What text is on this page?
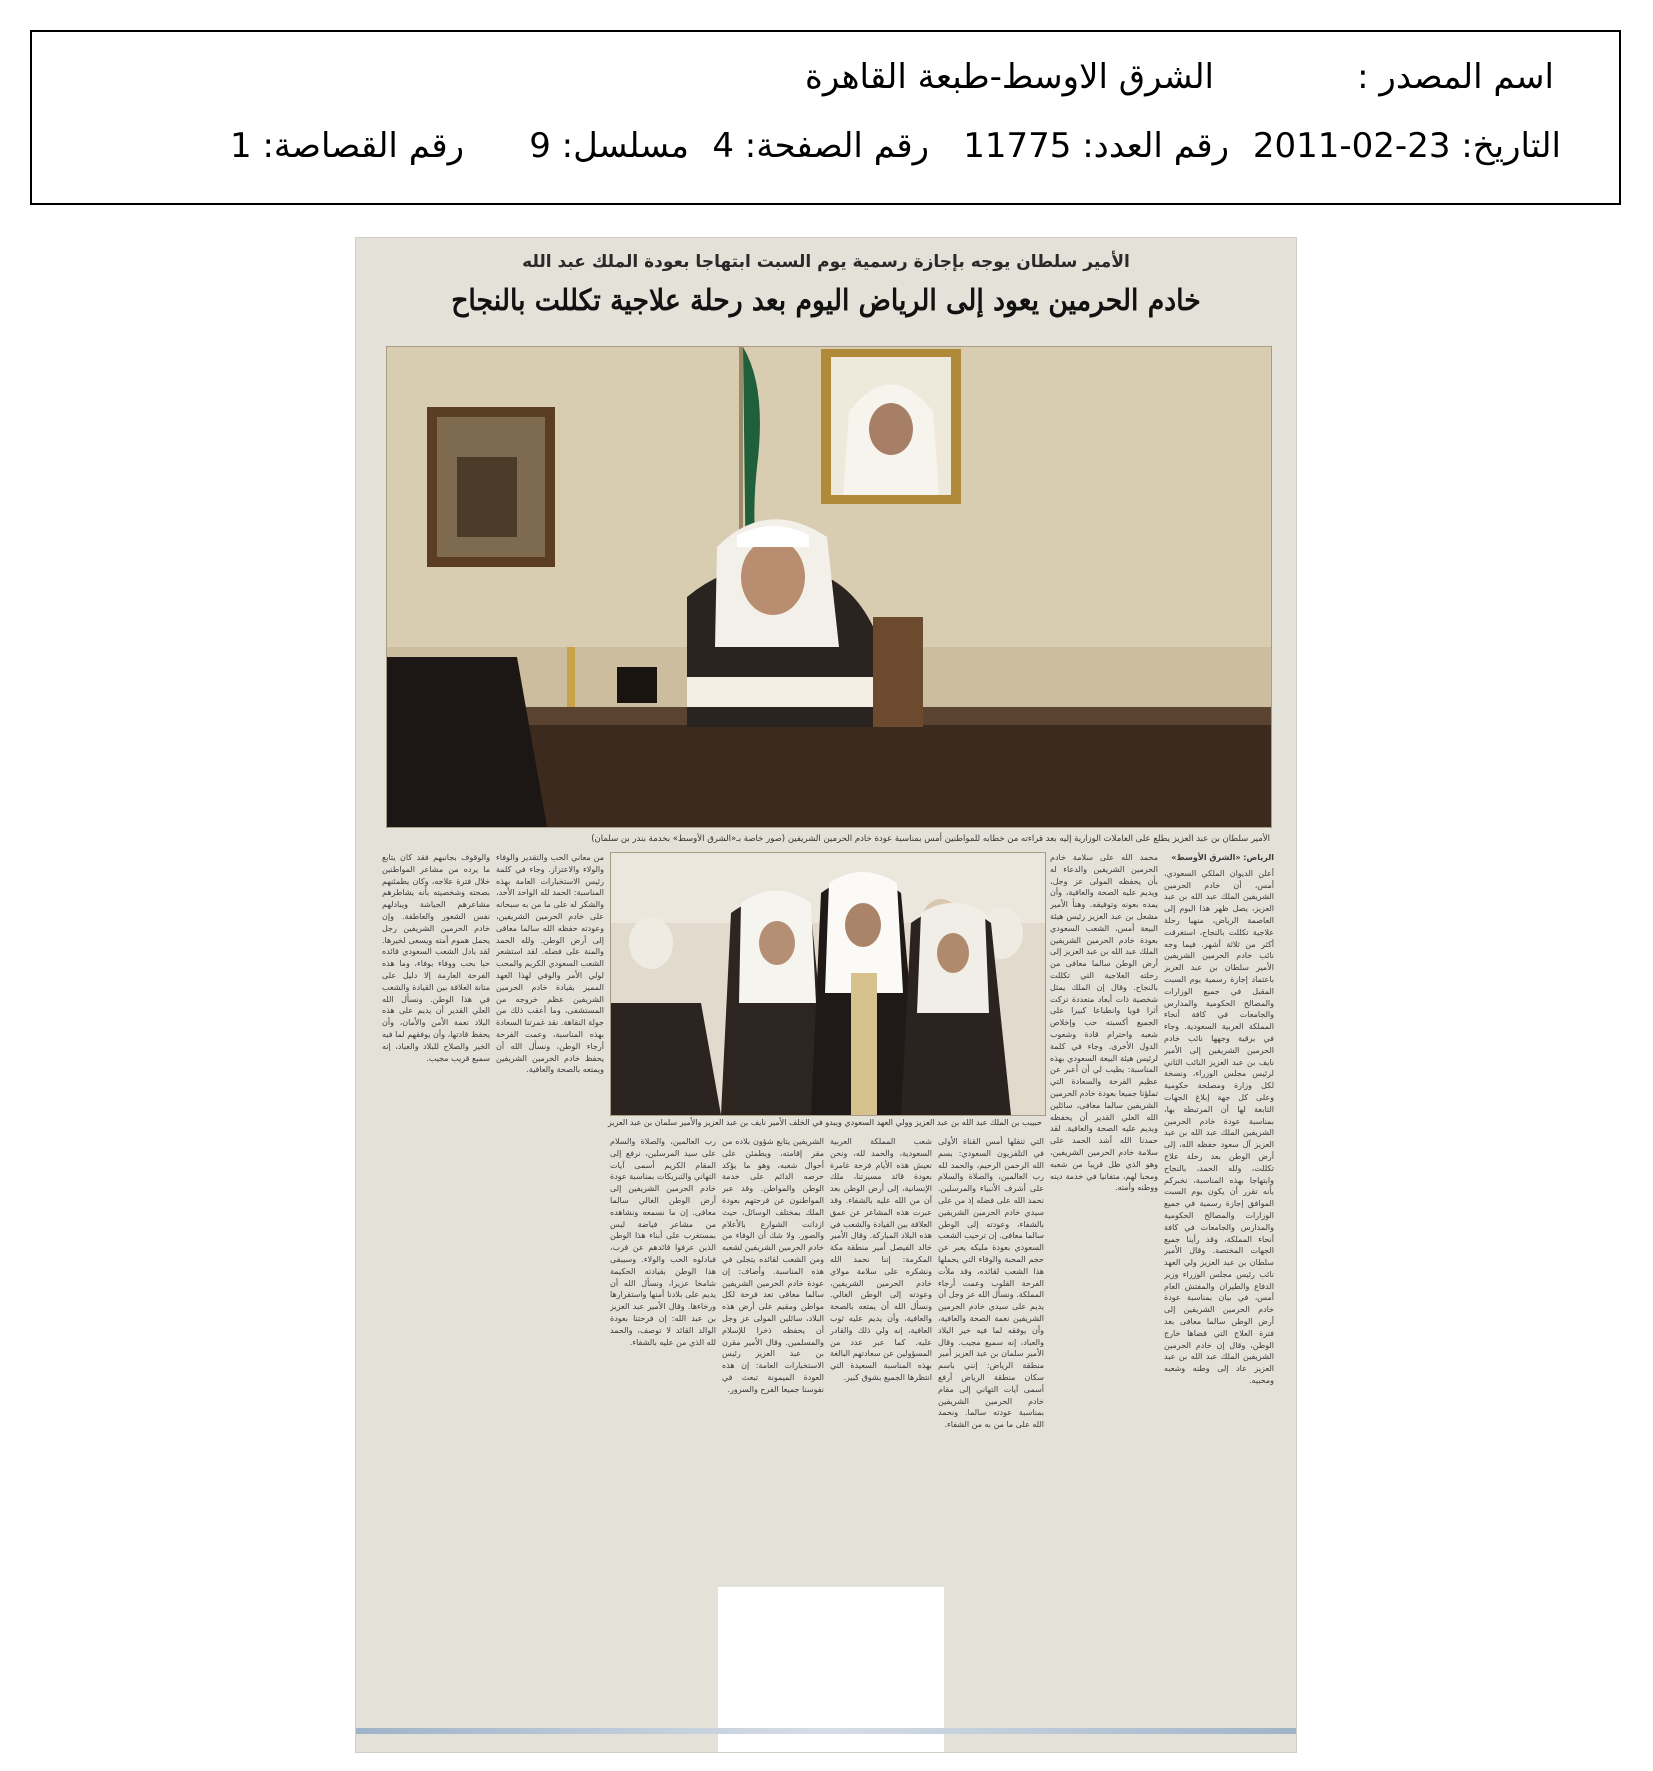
اسم المصدر :
الشرق الاوسط-طبعة القاهرة
التاريخ: 23-02-2011
رقم العدد: 11775
رقم الصفحة: 4
مسلسل: 9
رقم القصاصة: 1
الأمير سلطان يوجه بإجازة رسمية يوم السبت ابتهاجا بعودة الملك عبد الله
خادم الحرمين يعود إلى الرياض اليوم بعد رحلة علاجية تكللت بالنجاح
الأمير سلطان بن عبد العزيز يطلع على العاملات الوزارية إليه بعد قراءته من خطابه للمواطنين أمس بمناسبة عودة خادم الحرمين الشريفين (صور خاصة بـ«الشرق الأوسط» بخدمة بندر بن سلمان)
حبيبب بن الملك عبد الله بن عبد العزيز وولي العهد السعودي ويبدو في الخلف الأمير نايف بن عبد العزيز والأمير سلمان بن عبد العزيز
الرياض: «الشرق الأوسط»
أعلن الديوان الملكي السعودي، أمس، أن خادم الحرمين الشريفين الملك عبد الله بن عبد العزيز، يصل ظهر هذا اليوم إلى العاصمة الرياض، منهيا رحلة علاجية تكللت بالنجاح، استغرقت أكثر من ثلاثة أشهر. فيما وجه نائب خادم الحرمين الشريفين الأمير سلطان بن عبد العزيز باعتماد إجازة رسمية يوم السبت المقبل في جميع الوزارات والمصالح الحكومية والمدارس والجامعات في كافة أنحاء المملكة العربية السعودية. وجاء في برقية وجهها نائب خادم الحرمين الشريفين إلى الأمير نايف بن عبد العزيز النائب الثاني لرئيس مجلس الوزراء، ونسخة لكل وزارة ومصلحة حكومية وعلى كل جهة إبلاغ الجهات التابعة لها أن المرتبطة بها، بمناسبة عودة خادم الحرمين الشريفين الملك عبد الله بن عبد العزيز آل سعود حفظه الله، إلى أرض الوطن بعد رحلة علاج تكللت، ولله الحمد، بالنجاح وابتهاجا بهذه المناسبة، نخبركم بأنه تقرر أن يكون يوم السبت الموافق إجازة رسمية في جميع الوزارات والمصالح الحكومية والمدارس والجامعات في كافة أنحاء المملكة، وقد رأينا جميع الجهات المختصة. وقال الأمير سلطان بن عبد العزيز ولي العهد نائب رئيس مجلس الوزراء وزير الدفاع والطيران والمفتش العام أمس، في بيان بمناسبة عودة خادم الحرمين الشريفين إلى أرض الوطن سالما معافى بعد فترة العلاج التي قضاها خارج الوطن، وقال إن خادم الحرمين الشريفين الملك عبد الله بن عبد العزيز عاد إلى وطنه وشعبه ومحبيه.
محمد الله على سلامة خادم الحرمين الشريفين والدعاء له بأن يحفظه المولى عز وجل، ويديم عليه الصحة والعافية، وأن يمده بعونه وتوفيقه. وهنأ الأمير مشعل بن عبد العزيز رئيس هيئة البيعة أمس، الشعب السعودي بعودة خادم الحرمين الشريفين الملك عبد الله بن عبد العزيز إلى أرض الوطن سالما معافى من رحلته العلاجية التي تكللت بالنجاح. وقال إن الملك يمثل شخصية ذات أبعاد متعددة تركت أثرا قويا وانطباعا كبيرا على الجميع أكسبته حب وإخلاص شعبه واحترام قادة وشعوب الدول الأخرى. وجاء في كلمة لرئيس هيئة البيعة السعودي بهذه المناسبة: يطيب لي أن أعبر عن عظيم الفرحة والسعادة التي تملؤنا جميعا بعودة خادم الحرمين الشريفين سالما معافى، سائلين الله العلي القدير أن يحفظه ويديم عليه الصحة والعافية. لقد حمدنا الله أشد الحمد على سلامة خادم الحرمين الشريفين، وهو الذي ظل قريبا من شعبه ومحبا لهم، متفانيا في خدمة دينه ووطنه وأمته.
من معاني الحب والتقدير والوفاء والولاء والاعتزاز. وجاء في كلمة رئيس الاستخبارات العامة بهذه المناسبة: الحمد لله الواحد الأحد، والشكر له على ما من به سبحانه على خادم الحرمين الشريفين، وعودته حفظه الله سالما معافى إلى أرض الوطن. ولله الحمد والمنة على فضله. لقد استشعر الشعب السعودي الكريم والمحب لولي الأمر والوفي لهذا العهد المميز بقيادة خادم الحرمين الشريفين عظم خروجه من المستشفى، وما أعقب ذلك من جولة النقاهة. نقد غمرتنا السعادة بهذه المناسبة، وعمت الفرحة أرجاء الوطن، ونسأل الله أن يحفظ خادم الحرمين الشريفين ويمتعه بالصحة والعافية.
والوقوف بجانبهم فقد كان يتابع ما يرده من مشاعر المواطنين خلال فترة علاجه، وكان يطمئنهم بصحته وشخصيته بأنه يشاطرهم مشاعرهم الجياشة ويبادلهم نفس الشعور والعاطفة. وإن خادم الحرمين الشريفين رجل يحمل هموم أمته ويسعى لخيرها. لقد بادل الشعب السعودي قائده حبا بحب ووفاء بوفاء، وما هذه الفرحة العارمة إلا دليل على متانة العلاقة بين القيادة والشعب في هذا الوطن. ونسأل الله العلي القدير أن يديم على هذه البلاد نعمة الأمن والأمان، وأن يحفظ قادتها، وأن يوفقهم لما فيه الخير والصلاح للبلاد والعباد، إنه سميع قريب مجيب.
التي تنقلها أمس القناة الأولى في التلفزيون السعودي: بسم الله الرحمن الرحيم، والحمد لله رب العالمين، والصلاة والسلام على أشرف الأنبياء والمرسلين. نحمد الله على فضله إذ من على سيدي خادم الحرمين الشريفين بالشفاء، وعودته إلى الوطن سالما معافى. إن ترحيب الشعب السعودي بعودة مليكه يعبر عن حجم المحبة والوفاء التي يحملها هذا الشعب لقائده، وقد ملأت الفرحة القلوب وعمت أرجاء المملكة. ونسأل الله عز وجل أن يديم على سيدي خادم الحرمين الشريفين نعمة الصحة والعافية، وأن يوفقه لما فيه خير البلاد والعباد، إنه سميع مجيب. وقال الأمير سلمان بن عبد العزيز أمير منطقة الرياض: إنني باسم سكان منطقة الرياض أرفع أسمى آيات التهاني إلى مقام خادم الحرمين الشريفين بمناسبة عودته سالما. ونحمد الله على ما من به من الشفاء.
شعب المملكة العربية السعودية، والحمد لله، ونحن نعيش هذه الأيام فرحة غامرة بعودة قائد مسيرتنا، ملك الإنسانية، إلى أرض الوطن بعد أن من الله عليه بالشفاء. وقد عبرت هذه المشاعر عن عمق العلاقة بين القيادة والشعب في هذه البلاد المباركة. وقال الأمير خالد الفيصل أمير منطقة مكة المكرمة: إننا نحمد الله ونشكره على سلامة مولاي خادم الحرمين الشريفين، وعودته إلى الوطن الغالي. ونسأل الله أن يمتعه بالصحة والعافية، وأن يديم عليه ثوب العافية، إنه ولي ذلك والقادر عليه. كما عبر عدد من المسؤولين عن سعادتهم البالغة بهذه المناسبة السعيدة التي انتظرها الجميع بشوق كبير.
الشريفين يتابع شؤون بلاده من مقر إقامته، ويطمئن على أحوال شعبه، وهو ما يؤكد حرصه الدائم على خدمة الوطن والمواطن. وقد عبر المواطنون عن فرحتهم بعودة الملك بمختلف الوسائل، حيث ازدانت الشوارع بالأعلام والصور. ولا شك أن الوفاء من خادم الحرمين الشريفين لشعبه ومن الشعب لقائده يتجلى في هذه المناسبة. وأضاف: إن عودة خادم الحرمين الشريفين سالما معافى تعد فرحة لكل مواطن ومقيم على أرض هذه البلاد، سائلين المولى عز وجل أن يحفظه ذخرا للإسلام والمسلمين. وقال الأمير مقرن بن عبد العزيز رئيس الاستخبارات العامة: إن هذه العودة الميمونة تبعث في نفوسنا جميعا الفرح والسرور.
رب العالمين، والصلاة والسلام على سيد المرسلين، نرفع إلى المقام الكريم أسمى آيات التهاني والتبريكات بمناسبة عودة خادم الحرمين الشريفين إلى أرض الوطن الغالي سالما معافى. إن ما نسمعه ونشاهده من مشاعر فياضة ليس بمستغرب على أبناء هذا الوطن الذين عرفوا قائدهم عن قرب، فبادلوه الحب والولاء. وسيبقى هذا الوطن بقيادته الحكيمة شامخا عزيزا، ونسأل الله أن يديم على بلادنا أمنها واستقرارها ورخاءها. وقال الأمير عبد العزيز بن عبد الله: إن فرحتنا بعودة الوالد القائد لا توصف، والحمد لله الذي من عليه بالشفاء.
